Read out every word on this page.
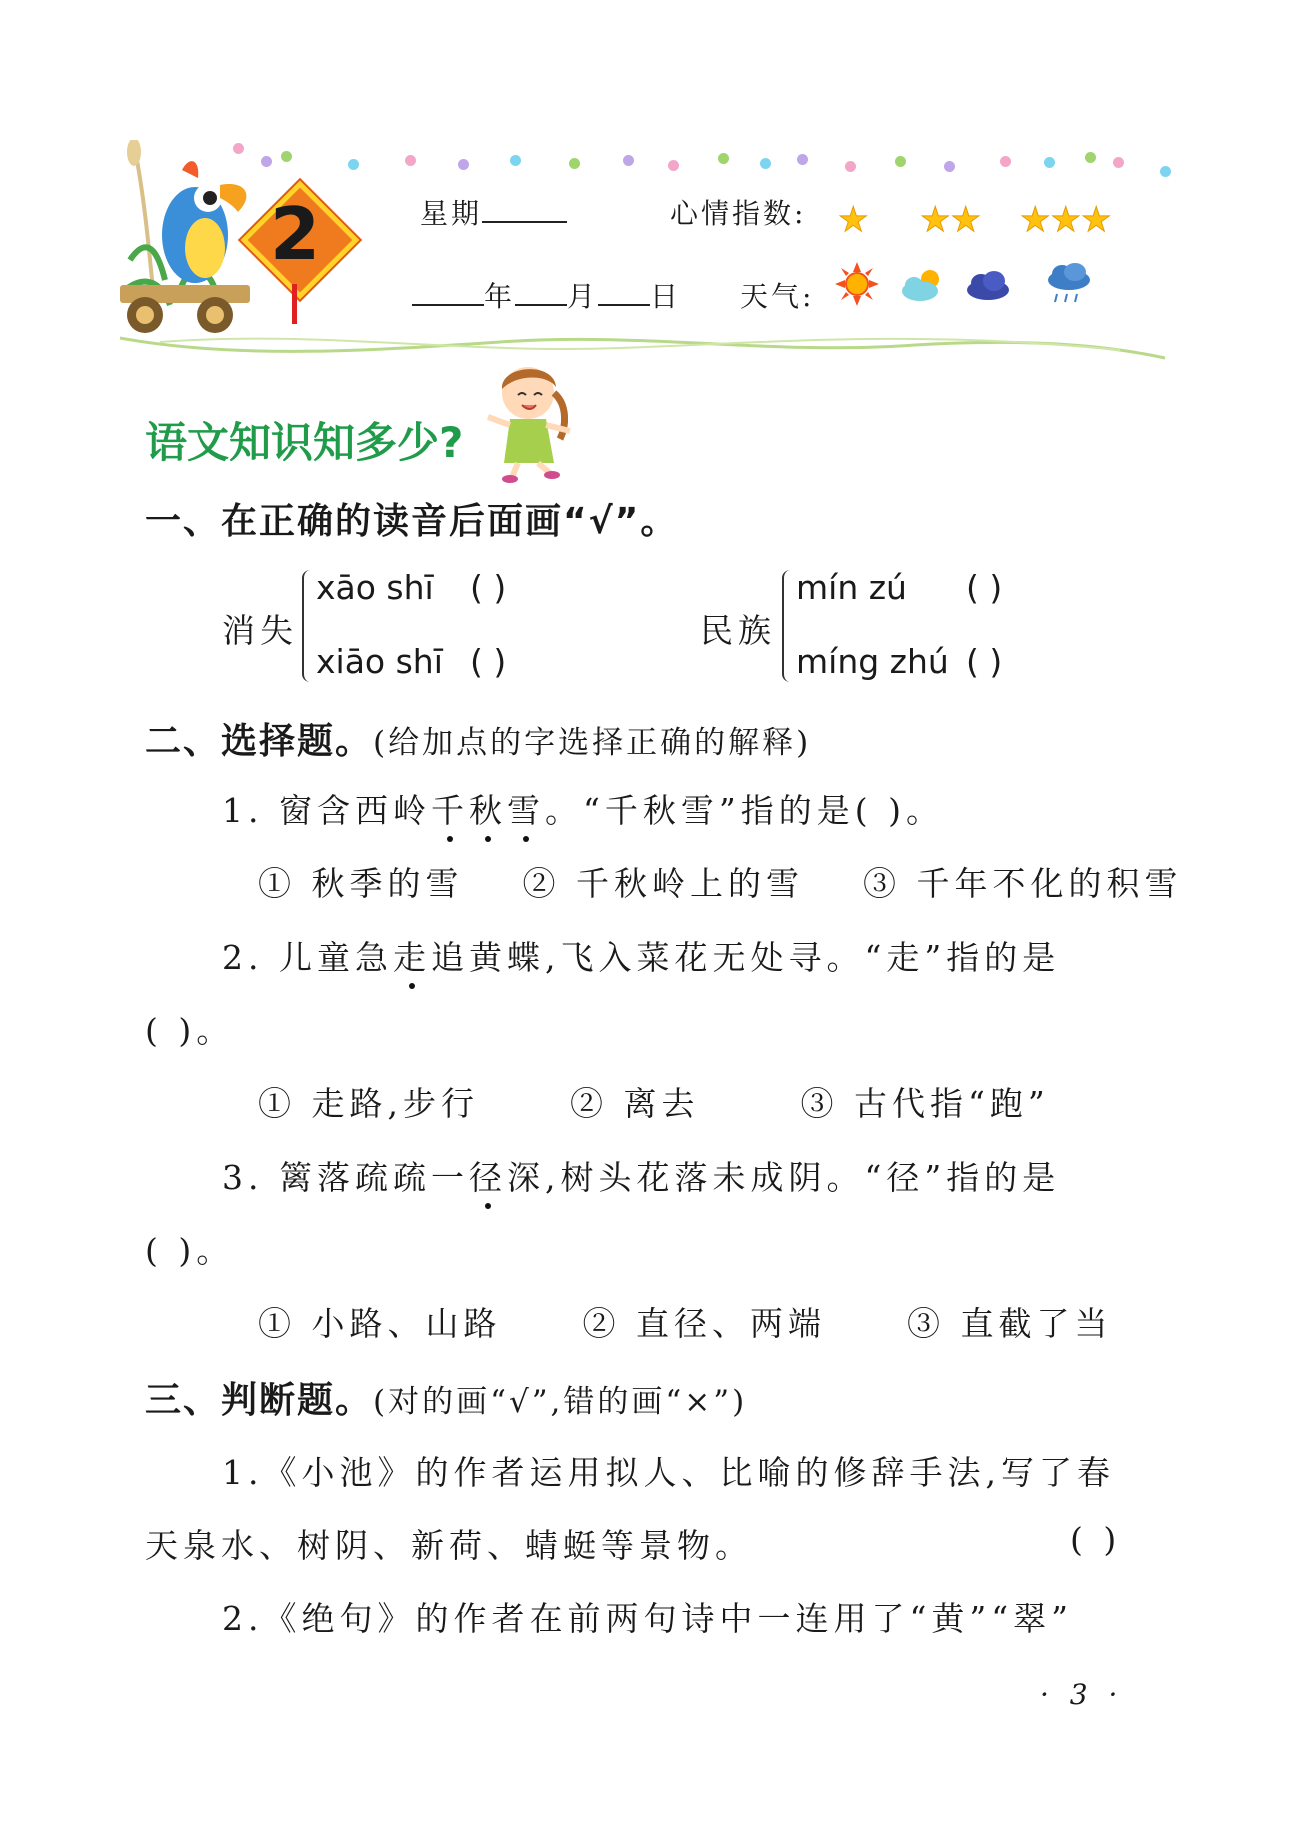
2	星期	心情指数: ★ ★★ ★★★
年 月 日 天气:
语文知识知多少?
一、在正确的读音后面画“√”。
消失
xāo shī ( )
xiāo shī ( )
民族
mín zú ( )
míng zhú ( )
二、选择题。(给加点的字选择正确的解释)
1. 窗含西岭千秋雪。“千秋雪”指的是( )。
① 秋季的雪 ② 千秋岭上的雪 ③ 千年不化的积雪
2. 儿童急走追黄蝶,飞入菜花无处寻。“走”指的是
( )。
① 走路,步行	② 离去	③ 古代指“跑”
3. 篱落疏疏一径深,树头花落未成阴。“径”指的是
( )。
① 小路、山路 ② 直径、两端 ③ 直截了当
三、判断题。(对的画“√”,错的画“×”)
1.《小池》的作者运用拟人、比喻的修辞手法,写了春
天泉水、树阴、新荷、蜻蜓等景物。	( )
2.《绝句》的作者在前两句诗中一连用了“黄”“翠”
· 3 ·
